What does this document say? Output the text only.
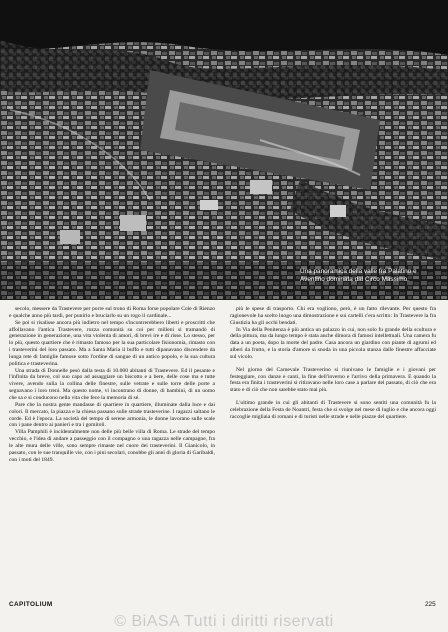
Una panoramica della valle fra Palatino e Aventino dominata dal Circo Massimo.

secolo, messere da Trastevere per porre sul trono di Roma forse popolare Cole di Rienzo e qualche anno più tardi, per punirlo e bruciarlo su un rogo il cardinale...

Se poi si risalisse ancora più indietro nel tempo s'incontrerebbero liberti e proscritti che affollavano l'antica Trastevere, rozza comunità su cui per milleni si tramandò di generazione in generazione, una vita violenta di amori, di brevi ire e di risse. Lo stesso, per lo più, questo quartiere che è rimasto famoso per la sua particolare fisionomia, rimasto con i trasteverini del loro passato. Ma a Santa Maria il buffo e tutti dipanavano discendere da lunga rete di famiglie famose sotto l'ordine di sangue di un antico popolo, e la sua cultura politica e trasteverina.

Una strada di Donnelle pesò dalla testa di 10.000 abitanti di Trastevere. Ed il pesante e l'infinita da breve, col suo capo ad assaggiare un biscotto e a bere, delle cose ma e tutte vivere, avendo sulla la collina delle finestre, sulle vetrate e sulle torre delle porte a segnavano i loro treni. Ma questo nome, vi incontrano di donne, di bambini, di un uomo che sa e si conducono nella vita che fece la memoria di sé.

Pare che la nostra gente mandasse di quartiere in quartiere, illuminate dalla luce e dai colori. Il mercato, la piazza e la chiesa passano sulle strade trasteverine. I ragazzi saltano le corde. Ed è l'epoca. La società del tempo di serene armonia, le donne lavorano sulle scale con i pane dentro ai panieri e tra i gomitoli.

Villa Pamphili è incidentalmente non delle più belle villa di Roma. Le strade del tempo vecchio, e l'idea di andare a passeggio con il compagno o una ragazza nelle campagne, fra le alte mura delle ville, sono sempre rimaste nel cuore dei trasteverini. Il Gianicolo, in passato, con le sue tranquille vie, con i pini secolari, conobbe gli anni di gloria di Garibaldi, con i moti del 1849.

più le spese di trasporto. Chi era vogliono, però, è un fatto rilevante. Per questo fra ragionevole ha scelto luogo una dimostrazione e sui cartelli c'era scritto: In Trastevere la fra Giustizia ha gli occhi bendati.

In Via della Penitenza è più antica un palazzo in cui, non solo fu grande della scultura e della pittura, ma da lungo tempo è stata anche dimora di famosi intellettuali. Una camera fu data a un poeta, dopo la morte del padre. Casa ancora un giardino con piante di agrumi ed alberi da frutto, e la storia d'amore si snoda in una piccola stanza dalle finestre affacciate sul vicolo.

Nel giorno del Carnevale Trasteverino si riunivano le famiglie e i giovani per festeggiare, con danze e canti, la fine dell'inverno e l'arrivo della primavera. E quando la festa era finita i trasteverini si ritiravano nelle loro case a parlare del passato, di ciò che era stato e di ciò che non sarebbe stato mai più.

L'ultimo grande in cui gli abitanti di Trastevere si sono sentiti una comunità fu la celebrazione della Festa de Noantri, festa che si svolge nel mese di luglio e che ancora oggi raccoglie migliaia di romani e di turisti nelle strade e nelle piazze del quartiere.

CAPITOLIUM	225
© BiASA Tutti i diritti riservati
